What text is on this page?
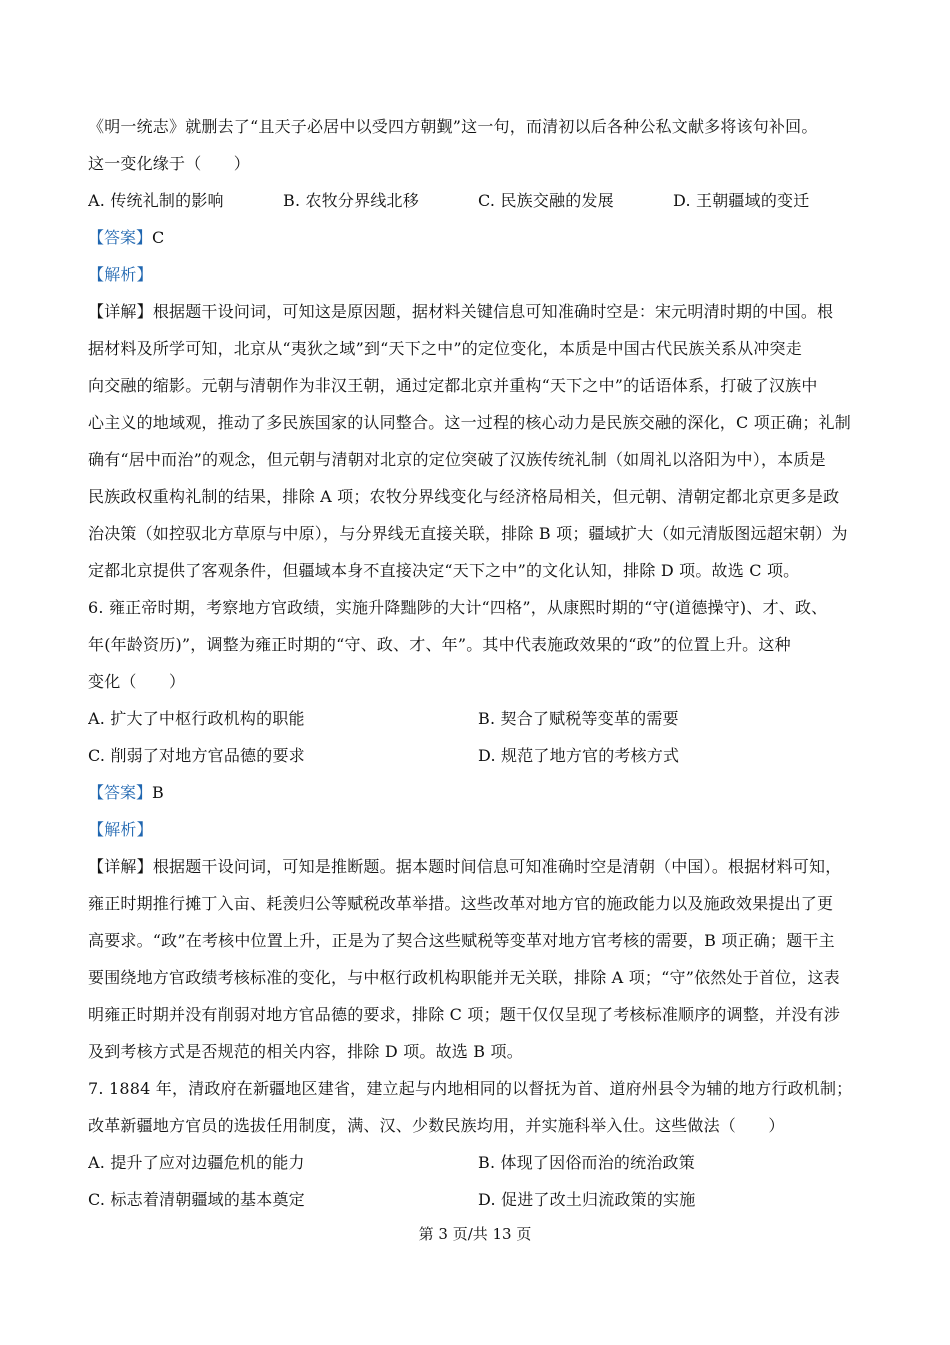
《明一统志》就删去了“且天子必居中以受四方朝觐”这一句，而清初以后各种公私文献多将该句补回。
这一变化缘于（　　）
A. 传统礼制的影响	B. 农牧分界线北移	C. 民族交融的发展	D. 王朝疆域的变迁
【答案】C
【解析】
【详解】根据题干设问词，可知这是原因题，据材料关键信息可知准确时空是：宋元明清时期的中国。根
据材料及所学可知，北京从“夷狄之域”到“天下之中”的定位变化，本质是中国古代民族关系从冲突走
向交融的缩影。元朝与清朝作为非汉王朝，通过定都北京并重构“天下之中”的话语体系，打破了汉族中
心主义的地域观，推动了多民族国家的认同整合。这一过程的核心动力是民族交融的深化，C 项正确；礼制
确有“居中而治”的观念，但元朝与清朝对北京的定位突破了汉族传统礼制（如周礼以洛阳为中），本质是
民族政权重构礼制的结果，排除 A 项；农牧分界线变化与经济格局相关，但元朝、清朝定都北京更多是政
治决策（如控驭北方草原与中原），与分界线无直接关联，排除 B 项；疆域扩大（如元清版图远超宋朝）为
定都北京提供了客观条件，但疆域本身不直接决定“天下之中”的文化认知，排除 D 项。故选 C 项。
6. 雍正帝时期，考察地方官政绩，实施升降黜陟的大计“四格”，从康熙时期的“守(道德操守)、才、政、
年(年龄资历)”，调整为雍正时期的“守、政、才、年”。其中代表施政效果的“政”的位置上升。这种
变化（　　）
A. 扩大了中枢行政机构的职能	B. 契合了赋税等变革的需要
C. 削弱了对地方官品德的要求	D. 规范了地方官的考核方式
【答案】B
【解析】
【详解】根据题干设问词，可知是推断题。据本题时间信息可知准确时空是清朝（中国）。根据材料可知，
雍正时期推行摊丁入亩、耗羡归公等赋税改革举措。这些改革对地方官的施政能力以及施政效果提出了更
高要求。“政”在考核中位置上升，正是为了契合这些赋税等变革对地方官考核的需要，B 项正确；题干主
要围绕地方官政绩考核标准的变化，与中枢行政机构职能并无关联，排除 A 项；“守”依然处于首位，这表
明雍正时期并没有削弱对地方官品德的要求，排除 C 项；题干仅仅呈现了考核标准顺序的调整，并没有涉
及到考核方式是否规范的相关内容，排除 D 项。故选 B 项。
7. 1884 年，清政府在新疆地区建省，建立起与内地相同的以督抚为首、道府州县令为辅的地方行政机制；
改革新疆地方官员的选拔任用制度，满、汉、少数民族均用，并实施科举入仕。这些做法（　　）
A. 提升了应对边疆危机的能力	B. 体现了因俗而治的统治政策
C. 标志着清朝疆域的基本奠定	D. 促进了改土归流政策的实施
第 3 页/共 13 页
